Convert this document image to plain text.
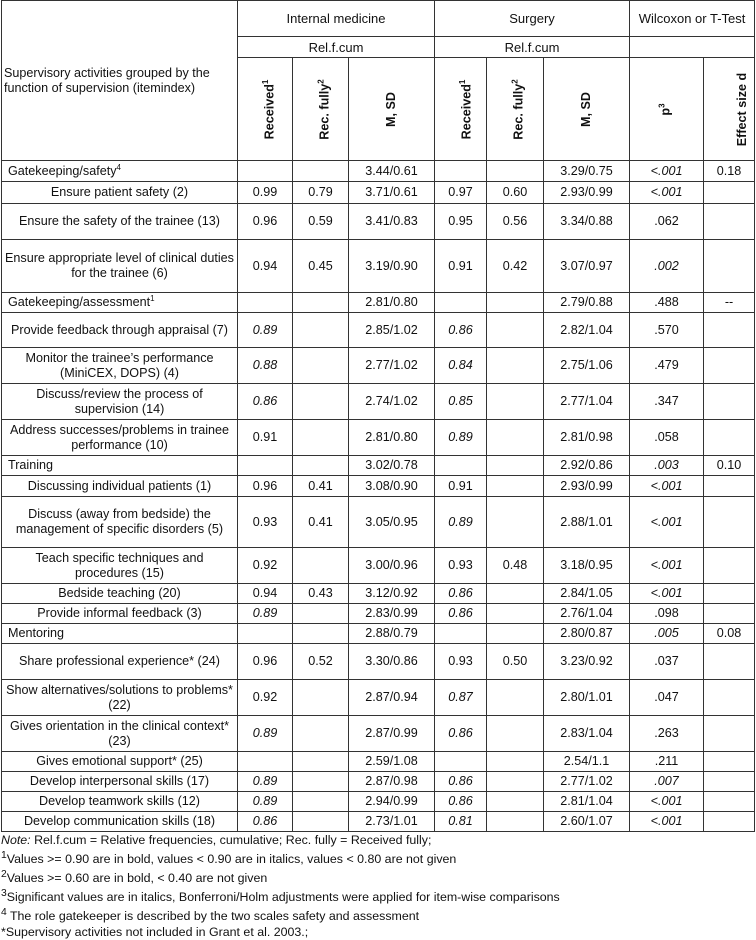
Supervisory activities grouped by the function of supervision (itemindex)	Internal medicine			Surgery			Wilcoxon or T-Test	
	Rel.f.cum			Rel.f.cum				
	Received$^1$	Rec. fully$^2$	M, SD	Received$^1$	Rec. fully$^2$	M, SD	$p^3$	Effect size d
Gatekeeping/safety$^4$			3.44/0.61			3.29/0.75	<.001	0.18
Ensure patient safety (2)	0.99	0.79	3.71/0.61	0.97	0.60	2.93/0.99	<.001	
Ensure the safety of the trainee (13)	0.96	0.59	3.41/0.83	0.95	0.56	3.34/0.88	.062	
Ensure appropriate level of clinical duties for the trainee (6)	0.94	0.45	3.19/0.90	0.91	0.42	3.07/0.97	.002	
Gatekeeping/assessment$^1$			2.81/0.80			2.79/0.88	.488	--
Provide feedback through appraisal (7)	0.89		2.85/1.02	0.86		2.82/1.04	.570	
Monitor the trainee’s performance (MiniCEX, DOPS) (4)	0.88		2.77/1.02	0.84		2.75/1.06	.479	
Discuss/review the process of supervision (14)	0.86		2.74/1.02	0.85		2.77/1.04	.347	
Address successes/problems in trainee performance (10)	0.91		2.81/0.80	0.89		2.81/0.98	.058	
Training			3.02/0.78			2.92/0.86	.003	0.10
Discussing individual patients (1)	0.96	0.41	3.08/0.90	0.91		2.93/0.99	<.001	
Discuss (away from bedside) the management of specific disorders (5)	0.93	0.41	3.05/0.95	0.89		2.88/1.01	<.001	
Teach specific techniques and procedures (15)	0.92		3.00/0.96	0.93	0.48	3.18/0.95	<.001	
Bedside teaching (20)	0.94	0.43	3.12/0.92	0.86		2.84/1.05	<.001	
Provide informal feedback (3)	0.89		2.83/0.99	0.86		2.76/1.04	.098	
Mentoring			2.88/0.79			2.80/0.87	.005	0.08
Share professional experience* (24)	0.96	0.52	3.30/0.86	0.93	0.50	3.23/0.92	.037	
Show alternatives/solutions to problems* (22)	0.92		2.87/0.94	0.87		2.80/1.01	.047	
Gives orientation in the clinical context* (23)	0.89		2.87/0.99	0.86		2.83/1.04	.263	
Gives emotional support* (25)			2.59/1.08			2.54/1.1	.211	
Develop interpersonal skills (17)	0.89		2.87/0.98	0.86		2.77/1.02	.007	
Develop teamwork skills (12)	0.89		2.94/0.99	0.86		2.81/1.04	<.001	
Develop communication skills (18)	0.86		2.73/1.01	0.81		2.60/1.07	<.001	
Note: Rel.f.cum = Relative frequencies, cumulative; Rec. fully = Received fully;
$^1$Values >= 0.90 are in bold, values < 0.90 are in italics, values < 0.80 are not given
$^2$Values >= 0.60 are in bold, < 0.40 are not given
$^3$Significant values are in italics, Bonferroni/Holm adjustments were applied for item-wise comparisons
$^4$ The role gatekeeper is described by the two scales safety and assessment
*Supervisory activities not included in Grant et al. 2003.;
